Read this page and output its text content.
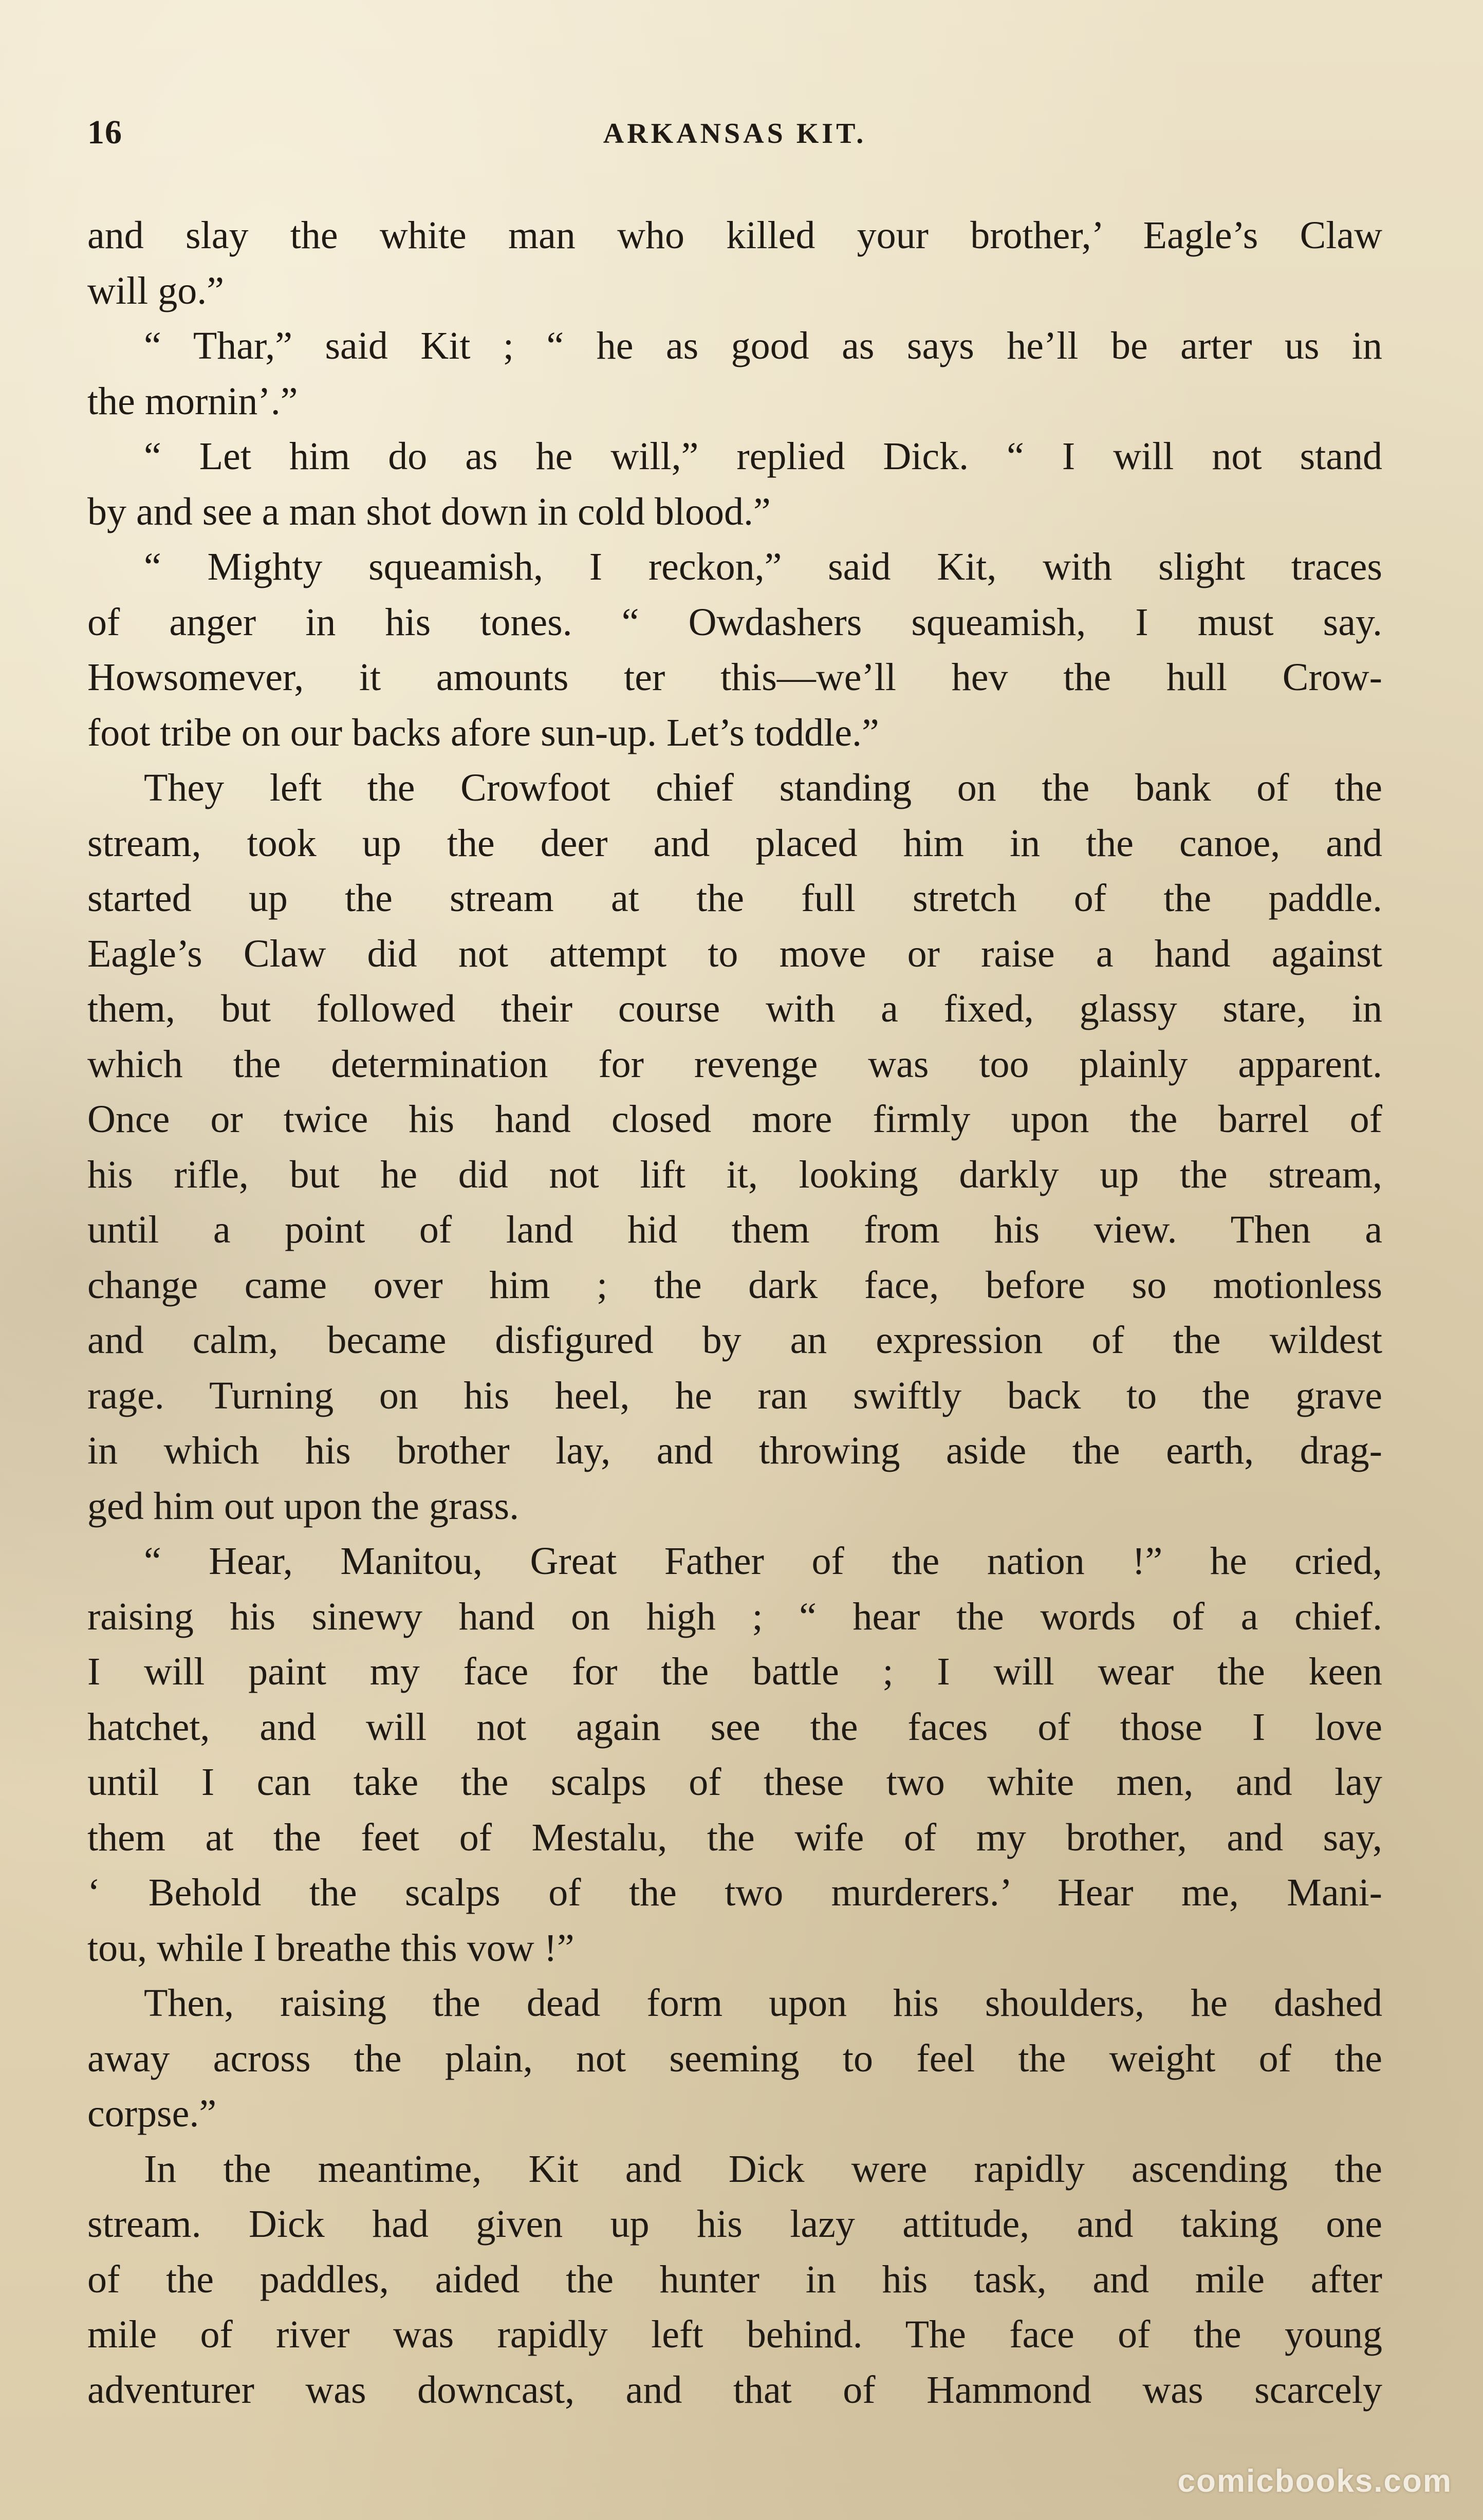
16	ARKANSAS KIT.
and slay the white man who killed your brother,’ Eagle’s Claw
will go.”
“ Thar,” said Kit ; “ he as good as says he’ll be arter us in
the mornin’.”
“ Let him do as he will,” replied Dick. “ I will not stand
by and see a man shot down in cold blood.”
“ Mighty squeamish, I reckon,” said Kit, with slight traces
of anger in his tones. “ Owdashers squeamish, I must say.
Howsomever, it amounts ter this—we’ll hev the hull Crow-
foot tribe on our backs afore sun-up. Let’s toddle.”
They left the Crowfoot chief standing on the bank of the
stream, took up the deer and placed him in the canoe, and
started up the stream at the full stretch of the paddle.
Eagle’s Claw did not attempt to move or raise a hand against
them, but followed their course with a fixed, glassy stare, in
which the determination for revenge was too plainly apparent.
Once or twice his hand closed more firmly upon the barrel of
his rifle, but he did not lift it, looking darkly up the stream,
until a point of land hid them from his view. Then a
change came over him ; the dark face, before so motionless
and calm, became disfigured by an expression of the wildest
rage. Turning on his heel, he ran swiftly back to the grave
in which his brother lay, and throwing aside the earth, drag-
ged him out upon the grass.
“ Hear, Manitou, Great Father of the nation !” he cried,
raising his sinewy hand on high ; “ hear the words of a chief.
I will paint my face for the battle ; I will wear the keen
hatchet, and will not again see the faces of those I love
until I can take the scalps of these two white men, and lay
them at the feet of Mestalu, the wife of my brother, and say,
‘ Behold the scalps of the two murderers.’ Hear me, Mani-
tou, while I breathe this vow !”
Then, raising the dead form upon his shoulders, he dashed
away across the plain, not seeming to feel the weight of the
corpse.”
In the meantime, Kit and Dick were rapidly ascending the
stream. Dick had given up his lazy attitude, and taking one
of the paddles, aided the hunter in his task, and mile after
mile of river was rapidly left behind. The face of the young
adventurer was downcast, and that of Hammond was scarcely
comicbooks.com
